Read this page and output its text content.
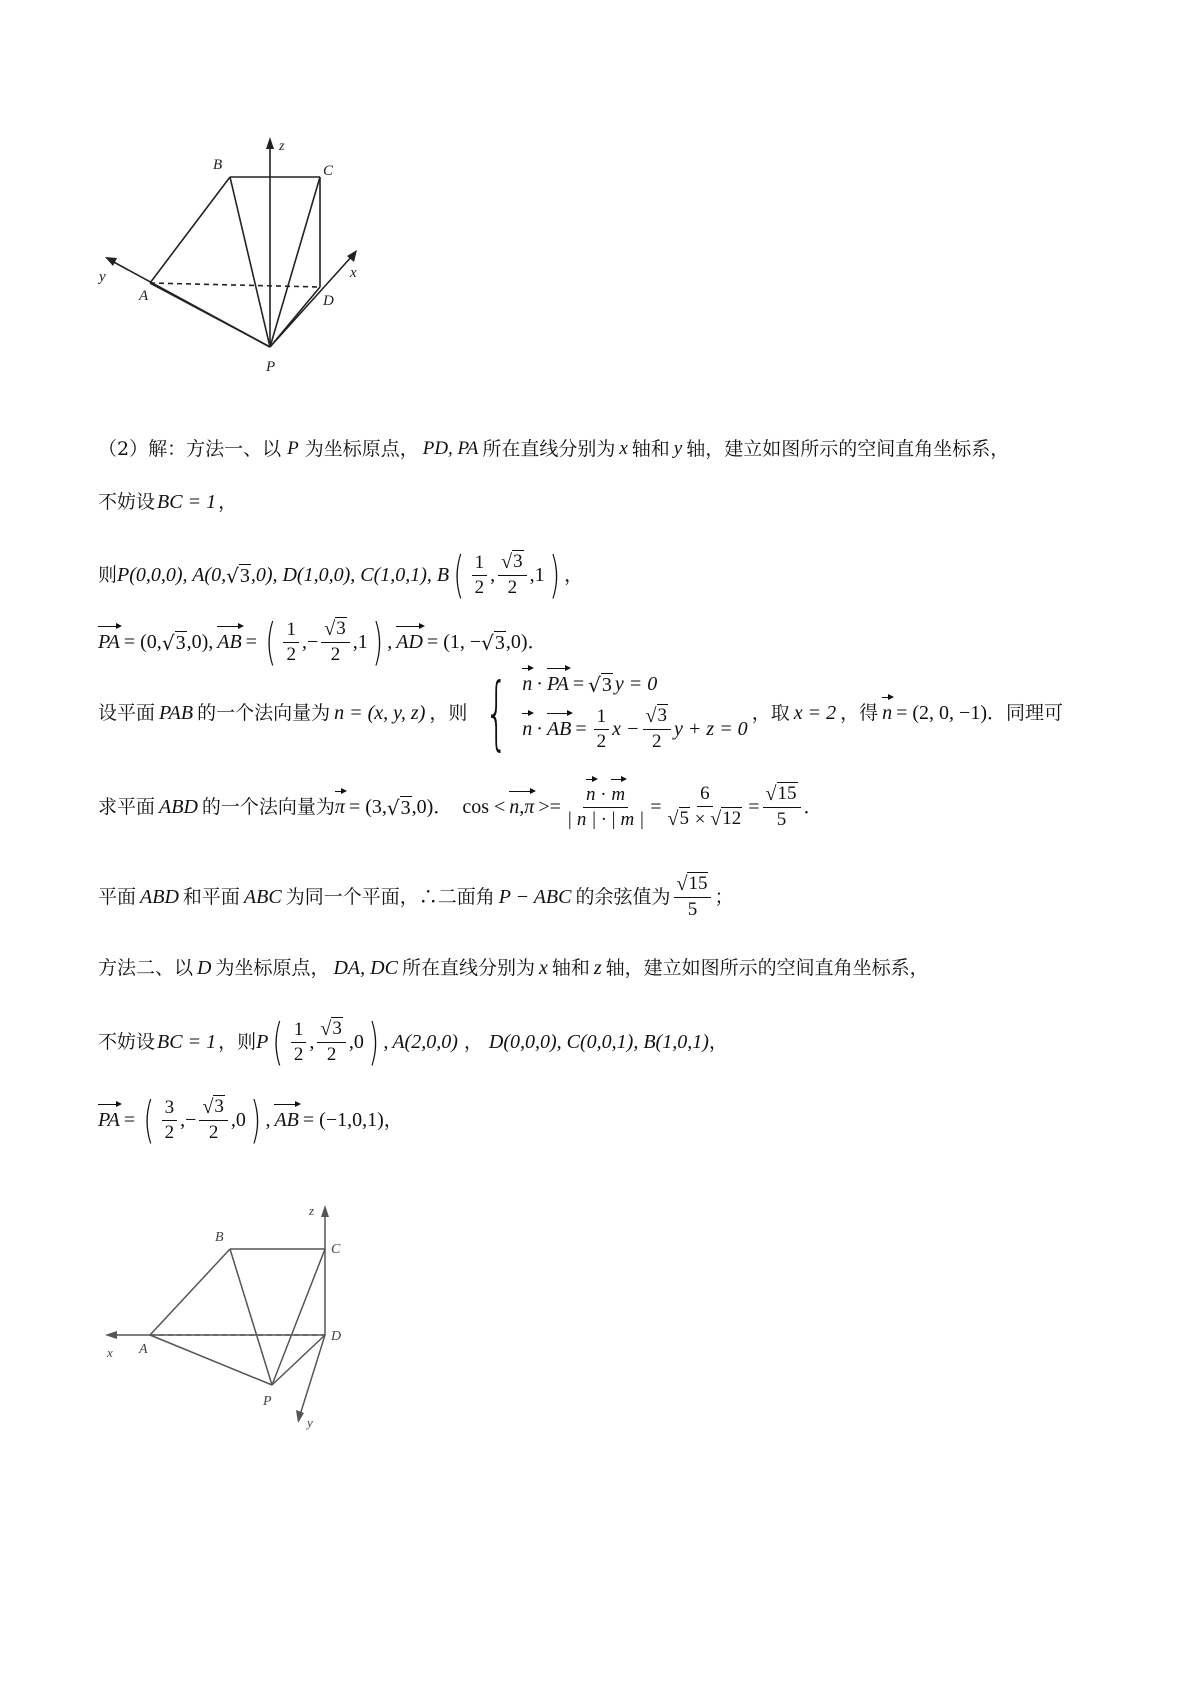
B	C
A	D
P
x
y
z
（2）解：方法一、以 P 为坐标原点， PD, PA 所在直线分别为 x 轴和 y 轴，建立如图所示的空间直角坐标系，
不妨设 BC = 1 ，
则 P(0,0,0), A(0, √ 3 ,0), D(1,0,0), C(1,0,1), B ( $\frac{1}{2}$ , $\frac{√ 3}{2} ,1$ ) ，
PA = (0, √ 3 ,0), AB = ( $\frac{1}{2}$ , − $\frac{√ 3}{2} ,1$ ) , AD = (1, − √ 3 ,0) ．
设平面 PAB 的一个法向量为 n = (x, y, z) ，则 { n · PA = √ 3 y = 0
n · AB = $\frac{1}{2}$ $x - \frac{√ 3}{2}$ y + z = 0
，取 x = 2 ，得 n = (2, 0, −1) ．同理可
求平面 ABD 的一个法向量为 π = (3, √ 3 ,0) ． $\cos < n,\pi >= \frac{n \cdot m}{| n | \cdot | m |} = \frac{6}{√ 5 \times √ 12} = \frac{√ 15}{5}$ ．
平面 ABD 和平面 ABC 为同一个平面，∴二面角 P − ABC 的余弦值为 $\frac{√ 15}{5}$ ；
方法二、以 D 为坐标原点， DA, DC 所在直线分别为 x 轴和 z 轴，建立如图所示的空间直角坐标系，
不妨设 BC = 1 ，则 P ( $\frac{1}{2}$ , $\frac{√ 3}{2} ,0$ ) , A(2,0,0) ， D(0,0,0), C(0,0,1), B(1,0,1) ，
PA = ( $\frac{3}{2}$ , − $\frac{√ 3}{2} ,0$ ) , AB = (−1,0,1) ，
B
C
A
D
P
x
y
z
